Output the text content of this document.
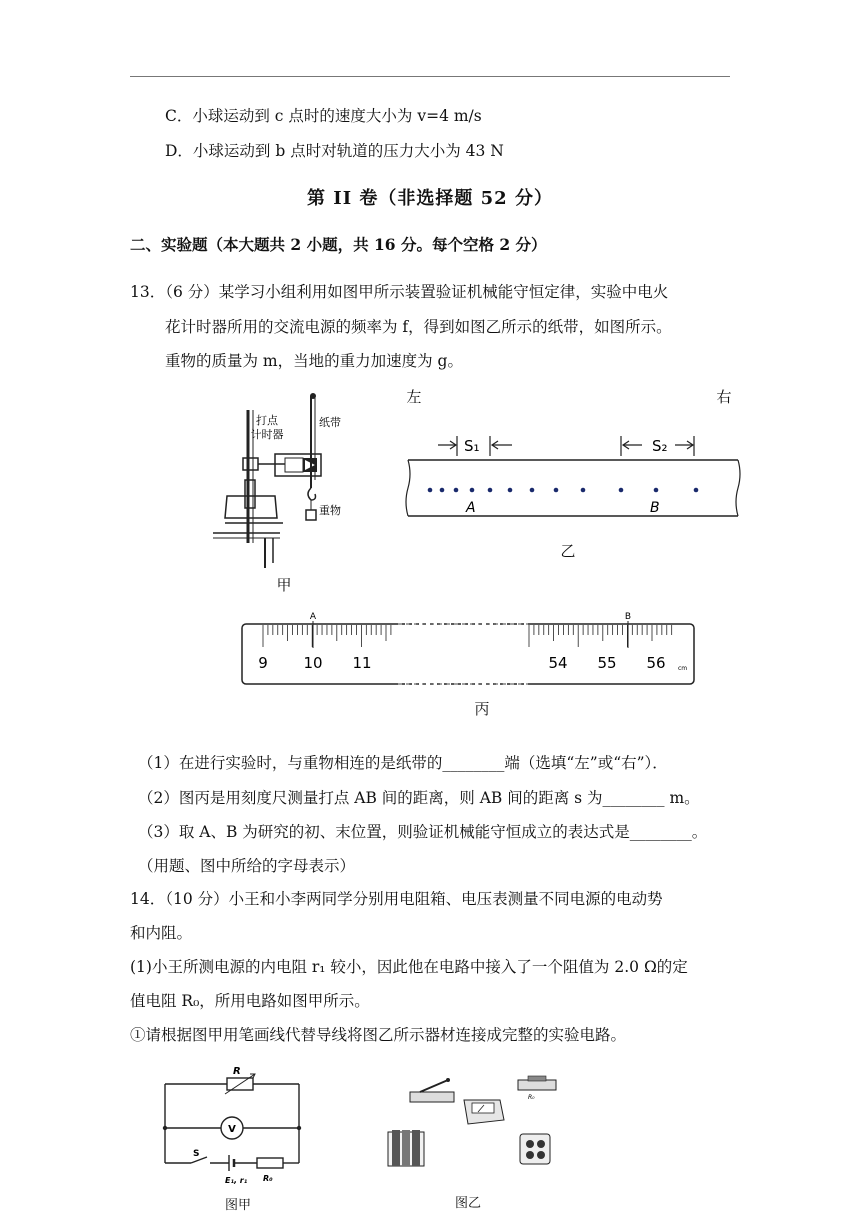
C．小球运动到 c 点时的速度大小为 v=4 m/s
D．小球运动到 b 点时对轨道的压力大小为 43 N
第 II 卷（非选择题 52 分）
二、实验题（本大题共 2 小题，共 16 分。每个空格 2 分）
13．（6 分）某学习小组利用如图甲所示装置验证机械能守恒定律，实验中电火
花计时器所用的交流电源的频率为 f，得到如图乙所示的纸带，如图所示。
重物的质量为 m，当地的重力加速度为 g。
打点
计时器
纸带
重物
甲
左	右
S₁	S₂
A	B
乙
A	B
9 10 11	54 55 56 cm
丙
（1）在进行实验时，与重物相连的是纸带的________端（选填“左”或“右”）．
（2）图丙是用刻度尺测量打点 AB 间的距离，则 AB 间的距离 s 为________ m。
（3）取 A、B 为研究的初、末位置，则验证机械能守恒成立的表达式是________。
（用题、图中所给的字母表示）
14．（10 分）小王和小李两同学分别用电阻箱、电压表测量不同电源的电动势
和内阻。
(1)小王所测电源的内电阻 r₁ 较小，因此他在电路中接入了一个阻值为 2.0 Ω的定
值电阻 R₀，所用电路如图甲所示。
①请根据图甲用笔画线代替导线将图乙所示器材连接成完整的实验电路。
R
V
S
E₁, r₁ R₀
图甲
R₀
图乙
